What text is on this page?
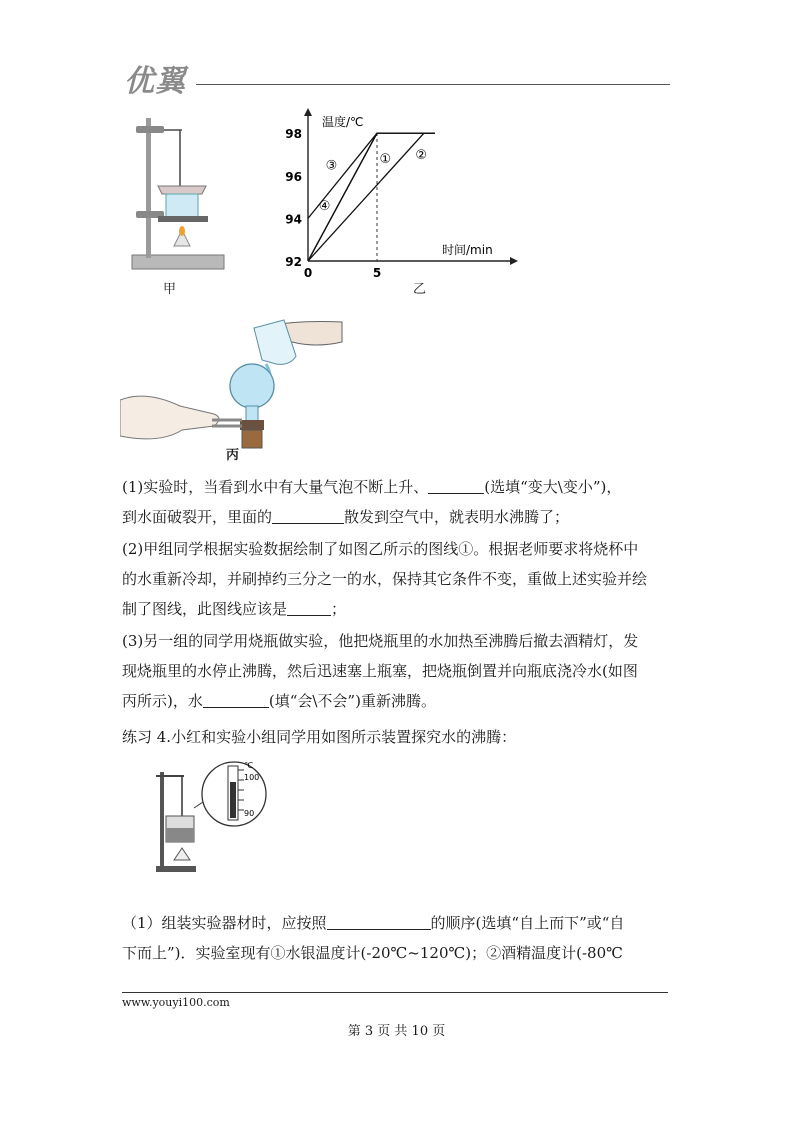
优翼
甲
① ②
③
④
92
94
96
98
0	5
温度/℃
时间/min
乙
丙
(1)实验时，当看到水中有大量气泡不断上升、	(选填“变大\变小”)，
到水面破裂开，里面的	散发到空气中，就表明水沸腾了；
(2)甲组同学根据实验数据绘制了如图乙所示的图线①。根据老师要求将烧杯中
的水重新冷却，并刷掉约三分之一的水，保持其它条件不变，重做上述实验并绘
制了图线，此图线应该是	；
(3)另一组的同学用烧瓶做实验，他把烧瓶里的水加热至沸腾后撤去酒精灯，发
现烧瓶里的水停止沸腾，然后迅速塞上瓶塞，把烧瓶倒置并向瓶底浇冷水(如图
丙所示)，水	(填“会\不会”)重新沸腾。
练习 4.小红和实验小组同学用如图所示装置探究水的沸腾：
℃
100
90
（1）组装实验器材时，应按照	的顺序(选填“自上而下”或“自
下而上”)．实验室现有①水银温度计(-20℃~120℃)；②酒精温度计(-80℃
www.youyi100.com
第 3 页 共 10 页
